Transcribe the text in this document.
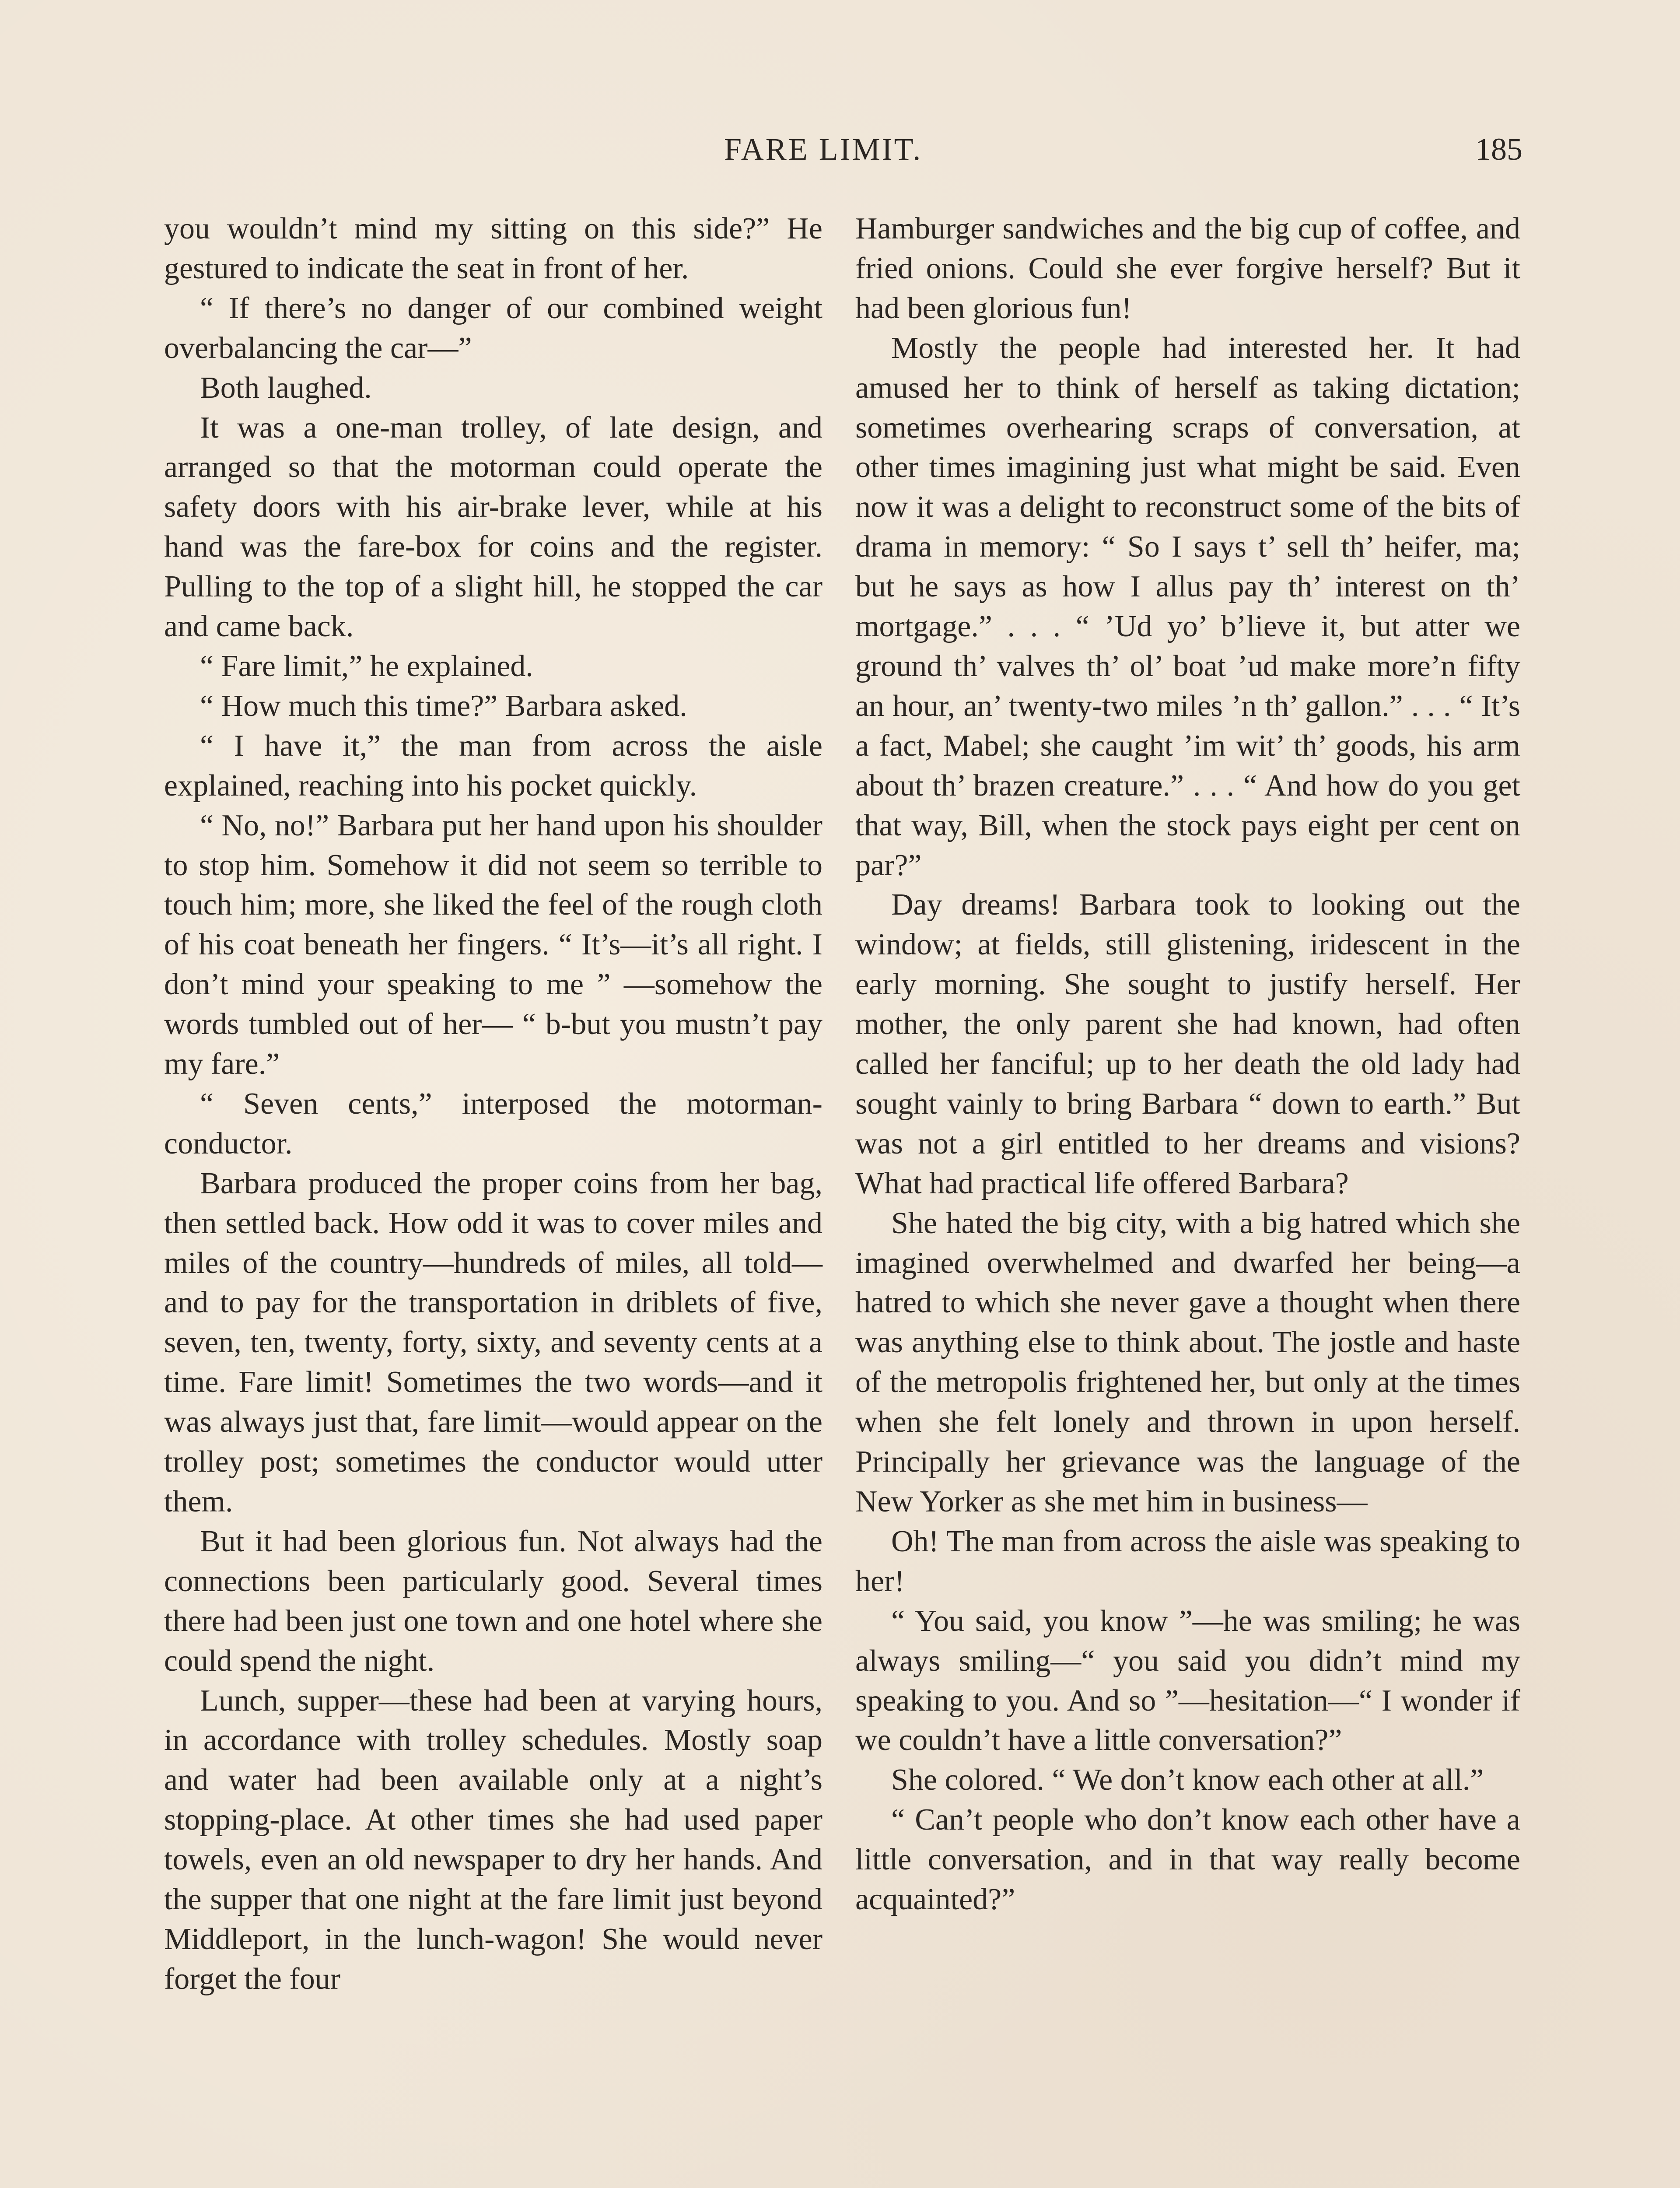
FARE LIMIT.	185

you wouldn’t mind my sitting on this side?” He gestured to indicate the seat in front of her.

“ If there’s no danger of our combined weight overbalancing the car—”

Both laughed.

It was a one-man trolley, of late design, and arranged so that the motorman could operate the safety doors with his air-brake lever, while at his hand was the fare-box for coins and the register. Pulling to the top of a slight hill, he stopped the car and came back.

“ Fare limit,” he explained.

“ How much this time?” Barbara asked.

“ I have it,” the man from across the aisle explained, reaching into his pocket quickly.

“ No, no!” Barbara put her hand upon his shoulder to stop him. Somehow it did not seem so terrible to touch him; more, she liked the feel of the rough cloth of his coat beneath her fingers. “ It’s—it’s all right. I don’t mind your speaking to me ” —somehow the words tumbled out of her— “ b-but you mustn’t pay my fare.”

“ Seven cents,” interposed the motorman-conductor.

Barbara produced the proper coins from her bag, then settled back. How odd it was to cover miles and miles of the country—hundreds of miles, all told—and to pay for the transportation in driblets of five, seven, ten, twenty, forty, sixty, and seventy cents at a time. Fare limit! Sometimes the two words—and it was always just that, fare limit—would appear on the trolley post; sometimes the conductor would utter them.

But it had been glorious fun. Not always had the connections been particularly good. Several times there had been just one town and one hotel where she could spend the night.

Lunch, supper—these had been at varying hours, in accordance with trolley schedules. Mostly soap and water had been available only at a night’s stopping-place. At other times she had used paper towels, even an old newspaper to dry her hands. And the supper that one night at the fare limit just beyond Middleport, in the lunch-wagon! She would never forget the four

Hamburger sandwiches and the big cup of coffee, and fried onions. Could she ever forgive herself? But it had been glorious fun!

Mostly the people had interested her. It had amused her to think of herself as taking dictation; sometimes overhearing scraps of conversation, at other times imagining just what might be said. Even now it was a delight to reconstruct some of the bits of drama in memory: “ So I says t’ sell th’ heifer, ma; but he says as how I allus pay th’ interest on th’ mortgage.” . . . “ ’Ud yo’ b’lieve it, but atter we ground th’ valves th’ ol’ boat ’ud make more’n fifty an hour, an’ twenty-two miles ’n th’ gallon.” . . . “ It’s a fact, Mabel; she caught ’im wit’ th’ goods, his arm about th’ brazen creature.” . . . “ And how do you get that way, Bill, when the stock pays eight per cent on par?”

Day dreams! Barbara took to looking out the window; at fields, still glistening, iridescent in the early morning. She sought to justify herself. Her mother, the only parent she had known, had often called her fanciful; up to her death the old lady had sought vainly to bring Barbara “ down to earth.” But was not a girl entitled to her dreams and visions? What had practical life offered Barbara?

She hated the big city, with a big hatred which she imagined overwhelmed and dwarfed her being—a hatred to which she never gave a thought when there was anything else to think about. The jostle and haste of the metropolis frightened her, but only at the times when she felt lonely and thrown in upon herself. Principally her grievance was the language of the New Yorker as she met him in business—

Oh! The man from across the aisle was speaking to her!

“ You said, you know ”—he was smiling; he was always smiling—“ you said you didn’t mind my speaking to you. And so ”—hesitation—“ I wonder if we couldn’t have a little conversation?”

She colored. “ We don’t know each other at all.”

“ Can’t people who don’t know each other have a little conversation, and in that way really become acquainted?”
